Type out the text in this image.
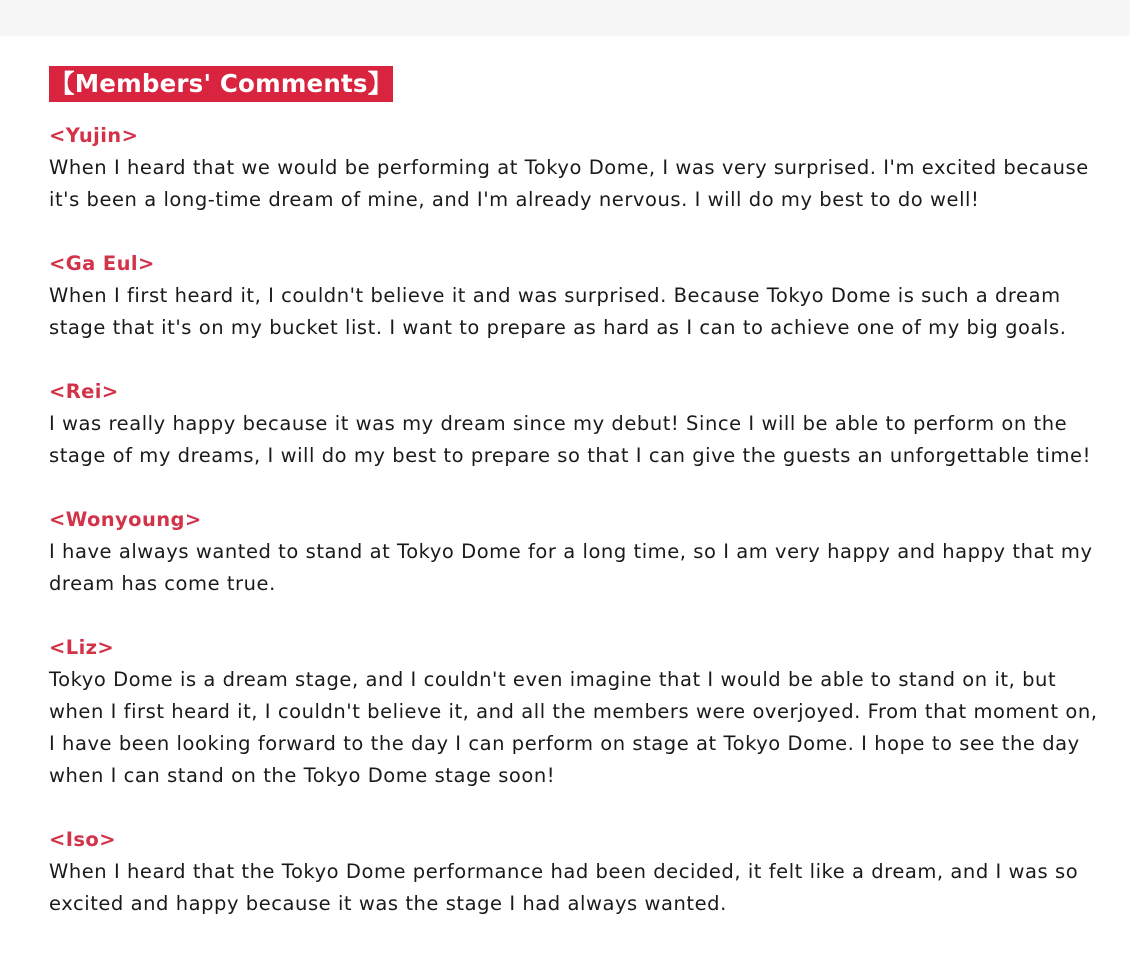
【Members' Comments】
<Yujin>

When I heard that we would be performing at Tokyo Dome, I was very surprised. I'm excited because it's been a long-time dream of mine, and I'm already nervous. I will do my best to do well!

<Ga Eul>

When I first heard it, I couldn't believe it and was surprised. Because Tokyo Dome is such a dream stage that it's on my bucket list. I want to prepare as hard as I can to achieve one of my big goals.

<Rei>

I was really happy because it was my dream since my debut! Since I will be able to perform on the stage of my dreams, I will do my best to prepare so that I can give the guests an unforgettable time!

<Wonyoung>

I have always wanted to stand at Tokyo Dome for a long time, so I am very happy and happy that my dream has come true.

<Liz>

Tokyo Dome is a dream stage, and I couldn't even imagine that I would be able to stand on it, but when I first heard it, I couldn't believe it, and all the members were overjoyed. From that moment on, I have been looking forward to the day I can perform on stage at Tokyo Dome. I hope to see the day when I can stand on the Tokyo Dome stage soon!

<Iso>

When I heard that the Tokyo Dome performance had been decided, it felt like a dream, and I was so excited and happy because it was the stage I had always wanted.
